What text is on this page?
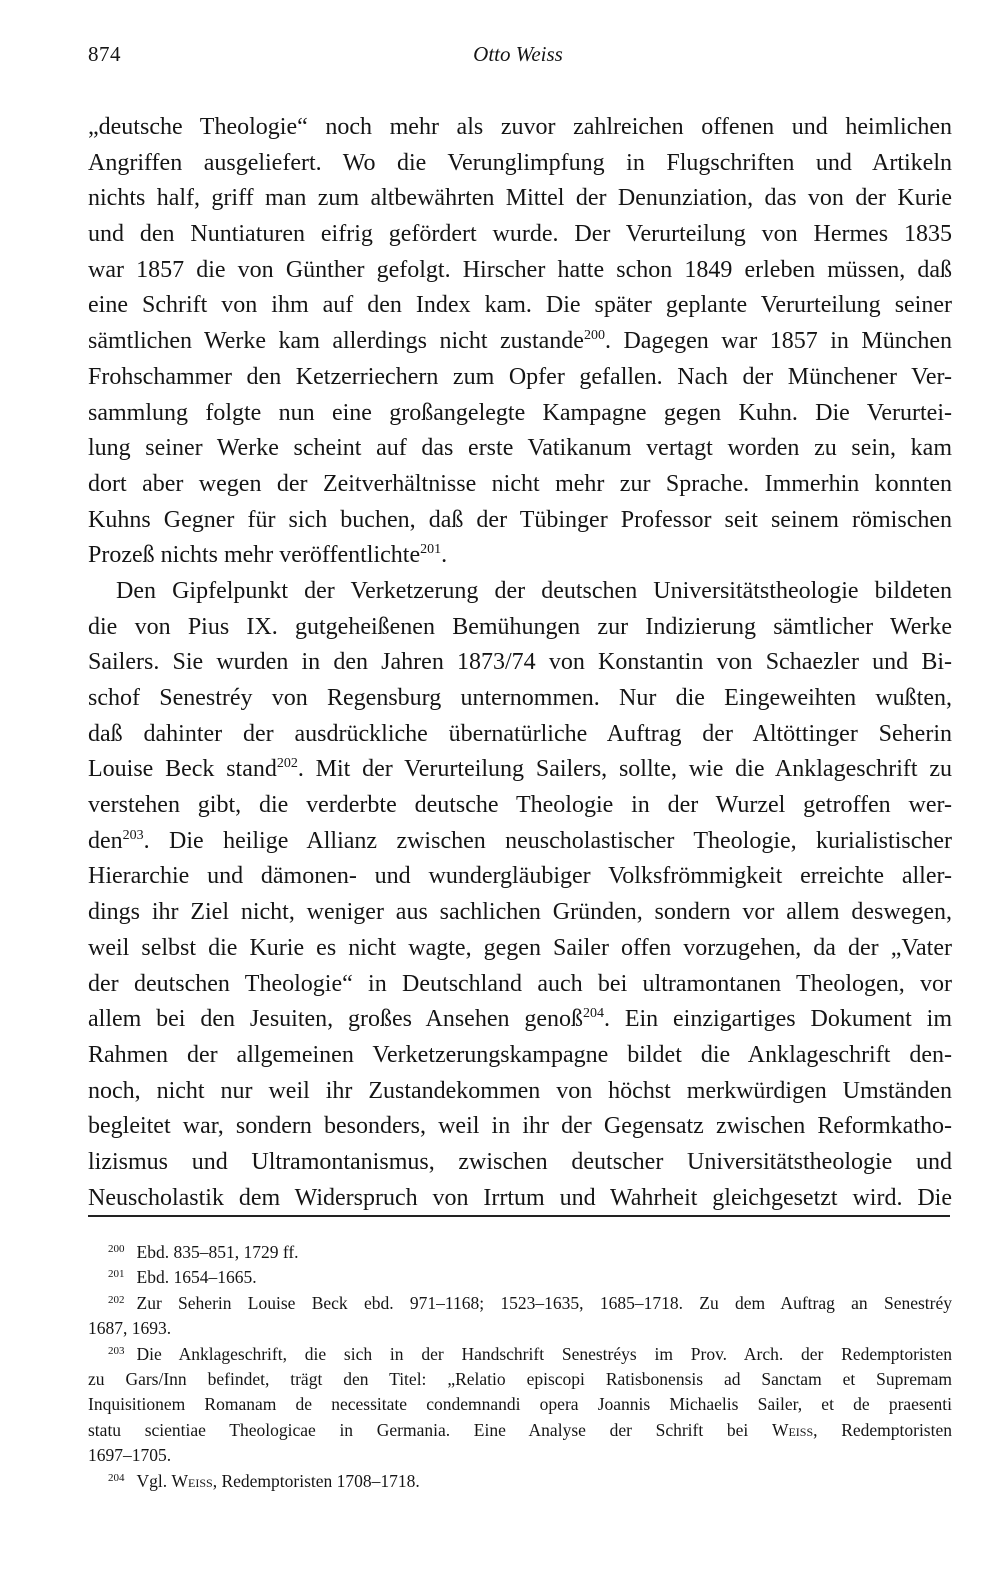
874	Otto Weiss
„deutsche Theologie“ noch mehr als zuvor zahlreichen offenen und heimlichen
Angriffen ausgeliefert. Wo die Verunglimpfung in Flugschriften und Artikeln
nichts half, griff man zum altbewährten Mittel der Denunziation, das von der Kurie
und den Nuntiaturen eifrig gefördert wurde. Der Verurteilung von Hermes 1835
war 1857 die von Günther gefolgt. Hirscher hatte schon 1849 erleben müssen, daß
eine Schrift von ihm auf den Index kam. Die später geplante Verurteilung seiner
sämtlichen Werke kam allerdings nicht zustande$^{200}$. Dagegen war 1857 in München
Frohschammer den Ketzerriechern zum Opfer gefallen. Nach der Münchener Ver-
sammlung folgte nun eine großangelegte Kampagne gegen Kuhn. Die Verurtei-
lung seiner Werke scheint auf das erste Vatikanum vertagt worden zu sein, kam
dort aber wegen der Zeitverhältnisse nicht mehr zur Sprache. Immerhin konnten
Kuhns Gegner für sich buchen, daß der Tübinger Professor seit seinem römischen
Prozeß nichts mehr veröffentlichte$^{201}$.
Den Gipfelpunkt der Verketzerung der deutschen Universitätstheologie bildeten
die von Pius IX. gutgeheißenen Bemühungen zur Indizierung sämtlicher Werke
Sailers. Sie wurden in den Jahren 1873/74 von Konstantin von Schaezler und Bi-
schof Senestréy von Regensburg unternommen. Nur die Eingeweihten wußten,
daß dahinter der ausdrückliche übernatürliche Auftrag der Altöttinger Seherin
Louise Beck stand$^{202}$. Mit der Verurteilung Sailers, sollte, wie die Anklageschrift zu
verstehen gibt, die verderbte deutsche Theologie in der Wurzel getroffen wer-
den$^{203}$. Die heilige Allianz zwischen neuscholastischer Theologie, kurialistischer
Hierarchie und dämonen- und wundergläubiger Volksfrömmigkeit erreichte aller-
dings ihr Ziel nicht, weniger aus sachlichen Gründen, sondern vor allem deswegen,
weil selbst die Kurie es nicht wagte, gegen Sailer offen vorzugehen, da der „Vater
der deutschen Theologie“ in Deutschland auch bei ultramontanen Theologen, vor
allem bei den Jesuiten, großes Ansehen genoß$^{204}$. Ein einzigartiges Dokument im
Rahmen der allgemeinen Verketzerungskampagne bildet die Anklageschrift den-
noch, nicht nur weil ihr Zustandekommen von höchst merkwürdigen Umständen
begleitet war, sondern besonders, weil in ihr der Gegensatz zwischen Reformkatho-
lizismus und Ultramontanismus, zwischen deutscher Universitätstheologie und
Neuscholastik dem Widerspruch von Irrtum und Wahrheit gleichgesetzt wird. Die
$^{200}$ Ebd. 835–851, 1729 ff.
$^{201}$ Ebd. 1654–1665.
$^{202}$ Zur Seherin Louise Beck ebd. 971–1168; 1523–1635, 1685–1718. Zu dem Auftrag an Senestréy
1687, 1693.
$^{203}$ Die Anklageschrift, die sich in der Handschrift Senestréys im Prov. Arch. der Redemptoristen
zu Gars/Inn befindet, trägt den Titel: „Relatio episcopi Ratisbonensis ad Sanctam et Supremam
Inquisitionem Romanam de necessitate condemnandi opera Joannis Michaelis Sailer, et de praesenti
statu scientiae Theologicae in Germania. Eine Analyse der Schrift bei Weiss, Redemptoristen
1697–1705.
$^{204}$ Vgl. Weiss, Redemptoristen 1708–1718.
